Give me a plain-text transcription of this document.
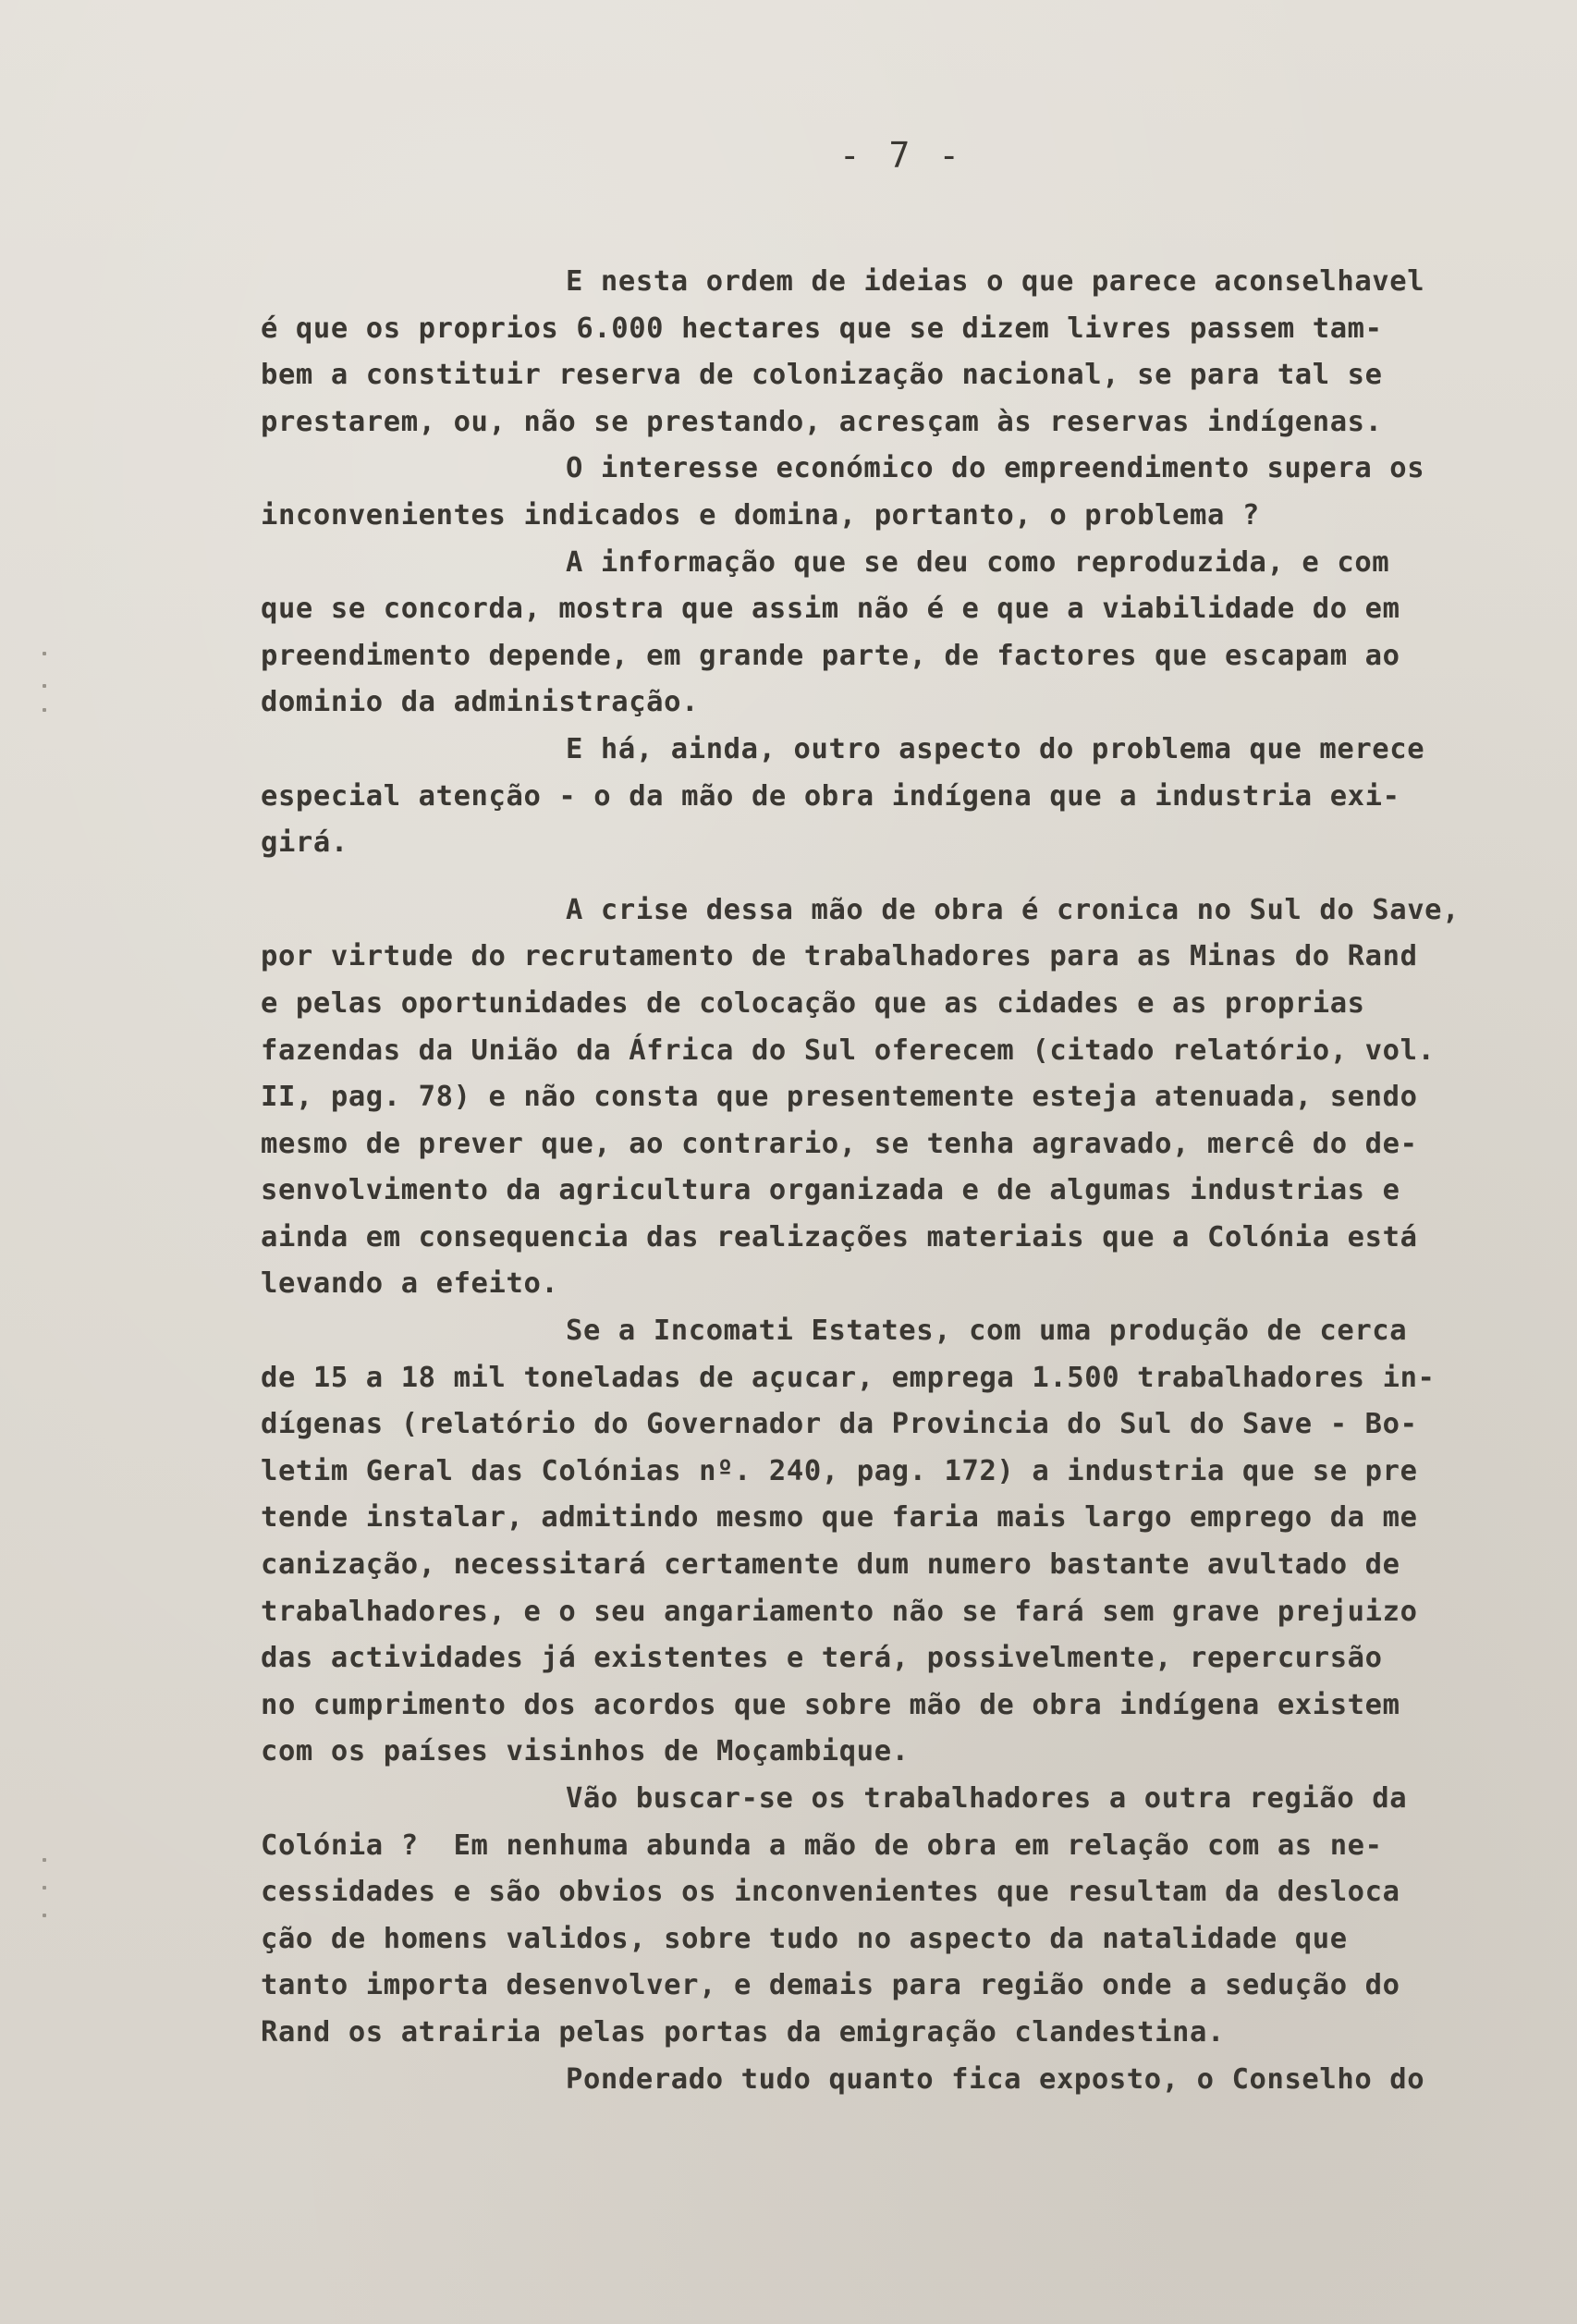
- 7 -
E nesta ordem de ideias o que parece aconselhavel
é que os proprios 6.000 hectares que se dizem livres passem tam-
bem a constituir reserva de colonização nacional, se para tal se
prestarem, ou, não se prestando, acresçam às reservas indígenas.
O interesse económico do empreendimento supera os
inconvenientes indicados e domina, portanto, o problema ?
A informação que se deu como reproduzida, e com
que se concorda, mostra que assim não é e que a viabilidade do em
preendimento depende, em grande parte, de factores que escapam ao
dominio da administração.
E há, ainda, outro aspecto do problema que merece
especial atenção - o da mão de obra indígena que a industria exi-
girá.
A crise dessa mão de obra é cronica no Sul do Save,
por virtude do recrutamento de trabalhadores para as Minas do Rand
e pelas oportunidades de colocação que as cidades e as proprias
fazendas da União da África do Sul oferecem (citado relatório, vol.
II, pag. 78) e não consta que presentemente esteja atenuada, sendo
mesmo de prever que, ao contrario, se tenha agravado, mercê do de-
senvolvimento da agricultura organizada e de algumas industrias e
ainda em consequencia das realizações materiais que a Colónia está
levando a efeito.
Se a Incomati Estates, com uma produção de cerca
de 15 a 18 mil toneladas de açucar, emprega 1.500 trabalhadores in-
dígenas (relatório do Governador da Provincia do Sul do Save - Bo-
letim Geral das Colónias nº. 240, pag. 172) a industria que se pre
tende instalar, admitindo mesmo que faria mais largo emprego da me
canização, necessitará certamente dum numero bastante avultado de
trabalhadores, e o seu angariamento não se fará sem grave prejuizo
das actividades já existentes e terá, possivelmente, repercursão
no cumprimento dos acordos que sobre mão de obra indígena existem
com os países visinhos de Moçambique.
Vão buscar-se os trabalhadores a outra região da
Colónia ?  Em nenhuma abunda a mão de obra em relação com as ne-
cessidades e são obvios os inconvenientes que resultam da desloca
ção de homens validos, sobre tudo no aspecto da natalidade que
tanto importa desenvolver, e demais para região onde a sedução do
Rand os atrairia pelas portas da emigração clandestina.
Ponderado tudo quanto fica exposto, o Conselho do
